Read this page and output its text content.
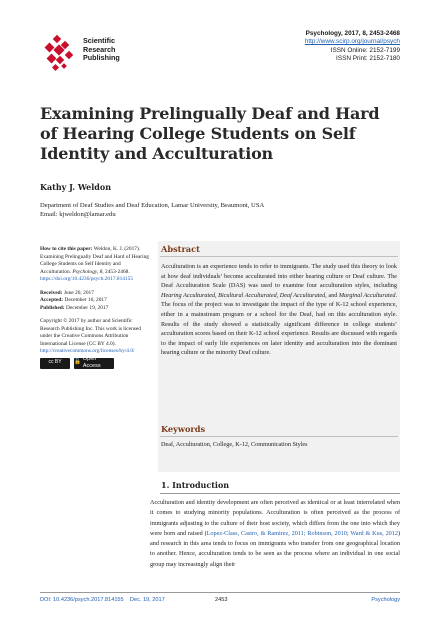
Scientific
Research
Publishing
Psychology, 2017, 8, 2453-2468
http://www.scirp.org/journal/psych
ISSN Online: 2152-7199
ISSN Print: 2152-7180
Examining Prelingually Deaf and Hard of Hearing College Students on Self Identity and Acculturation
Kathy J. Weldon
Department of Deaf Studies and Deaf Education, Lamar University, Beaumont, USA
Email: kjweldon@lamar.edu
How to cite this paper: Weldon, K. J. (2017). Examining Prelingually Deaf and Hard of Hearing College Students on Self Identity and Acculturation. Psychology, 8, 2453-2468.
https://doi.org/10.4236/psych.2017.814155
Received: June 20, 2017
Accepted: December 16, 2017
Published: December 19, 2017
Copyright © 2017 by author and Scientific Research Publishing Inc. This work is licensed under the Creative Commons Attribution International License (CC BY 4.0).
http://creativecommons.org/licenses/by/4.0/
cc BY	🔓
Open Access
Abstract
Acculturation is an experience tends to refer to immigrants. The study used this theory to look at how deaf individuals’ become acculturated into either hearing culture or Deaf culture. The Deaf Acculturation Scale (DAS) was used to examine four acculturation styles, including Hearing Acculturated, Bicultural Acculturated, Deaf Acculturated, and Marginal Acculturated. The focus of the project was to investigate the impact of the type of K-12 school experience, either in a mainstream program or a school for the Deaf, had on this acculturation style. Results of the study showed a statistically significant difference in college students’ acculturation scores based on their K-12 school experience. Results are discussed with regards to the impact of early life experiences on later identity and acculturation into the dominant hearing culture or the minority Deaf culture.
Keywords
Deaf, Acculturation, College, K-12, Communication Styles
1. Introduction
Acculturation and identity development are often perceived as identical or at least interrelated when it comes to studying minority populations. Acculturation is often perceived as the process of immigrants adjusting to the culture of their host society, which differs from the one into which they were born and raised (Lopez-Class, Castro, & Ramirez, 2011; Robinson, 2010; Ward & Kus, 2012) and research in this area tends to focus on immigrants who transfer from one geographical location to another. Hence, acculturation tends to be seen as the process where an individual in one social group may increasingly align their
DOI: 10.4236/psych.2017.814155 Dec. 19, 2017	2453	Psychology
